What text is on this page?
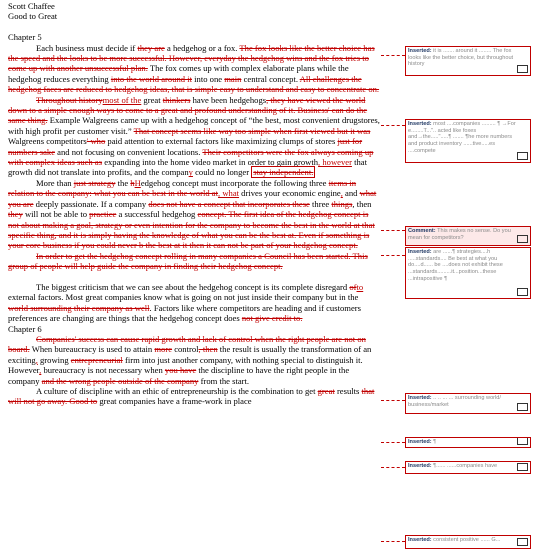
Scott Chaffee

Good to Great

Chapter 5

Each business must decide if they are a hedgehog or a fox. The fox looks like the better choice has the speed and the looks to be more successful. However, everyday the hedgehog wins and the fox tries to come up with another unsuccessful plan. The fox comes up with complex elaborate plans while the hedgehog reduces everything into the world around it into one main central concept. All challenges the hedgehog faces are reduced to hedgehog ideas, that is simple easy to understand and easy to concentrate on.

Throughout historymost of the great thinkers have been hedgehogs, they have viewed the world down to a simple enough ways to come to a great and profound understanding of it. Business' can do the same thing. Example Walgreens came up with a hedgehog concept of “the best, most convenient drugstores, with high profit per customer visit.” That concept seems like way too simple when first viewed but it was Walgreens competitors' who paid attention to external factors like maximizing clumps of stores just for numbers sake and not focusing on convenient locations. Their competitors were the fox always coming up with complex ideas such as expanding into the home video market in order to gain growth, however that growth did not translate into profits, and the company could no longer stay independent.

More than just strategy the hHedgehog concept must incorporate the following three items in relation to the company: what you can be best in the world at, what drives your economic engine, and what you are deeply passionate. If a company does not have a concept that incorporates these three things, then they will not be able to practice a successful hedgehog concept. The first idea of the hedgehog concept is not about making a goal, strategy or even intention for the company to become the best in the world at that specific thing, and it is simply having the knowledge of what you can be the best at. Even if something is your core business if you could never b the best at it then it can not be part of your hedgehog concept.

In order to get the hedgehog concept rolling in many companies a Council has been started. This group of people will help guide the company in finding their hedgehog concept.

The biggest criticism that we can see about the hedgehog concept is its complete disregard ofto external factors. Most great companies know what is going on not just inside their company but in the world surrounding their company as well. Factors like where competitors are heading and if customers preferences are changing are things that the hedgehog concept does not give credit to.

Chapter 6

Companies' success can cause rapid growth and lack of control when the right people are not on board. When bureaucracy is used to attain more control, then the result is usually the transformation of an exciting, growing entrepreneurial firm into just another company, with nothing special to distinguish it. However, bureaucracy is not necessary when you have the discipline to have the right people in the company and the wrong people outside of the company from the start.

A culture of discipline with an ethic of entrepreneurship is the combination to get great results that will not go away. Good to great companies have a frame-work in place

Inserted: it is ....... around it ........ The fox looks like the better choice, but throughout history
Inserted: most ....companies ......... ¶ →For e........T...".. acted like foxes and→the.....".....¶ ....... ¶he more numbers and product inventory ......tive.....es ....compete
Comment: This makes no sense. Do you mean for competitors?
Inserted: are ......¶ strategies....h .....standards.... Be best at what you do....d...... be ....does not exhibit these ...standards.........it...position...these ...intrapositive ¶
Inserted: .. .. ... ... surrounding world/ business/market
Inserted: ¶
Inserted: ¶...... ......companies have
Inserted: consistent positive ...... G...
